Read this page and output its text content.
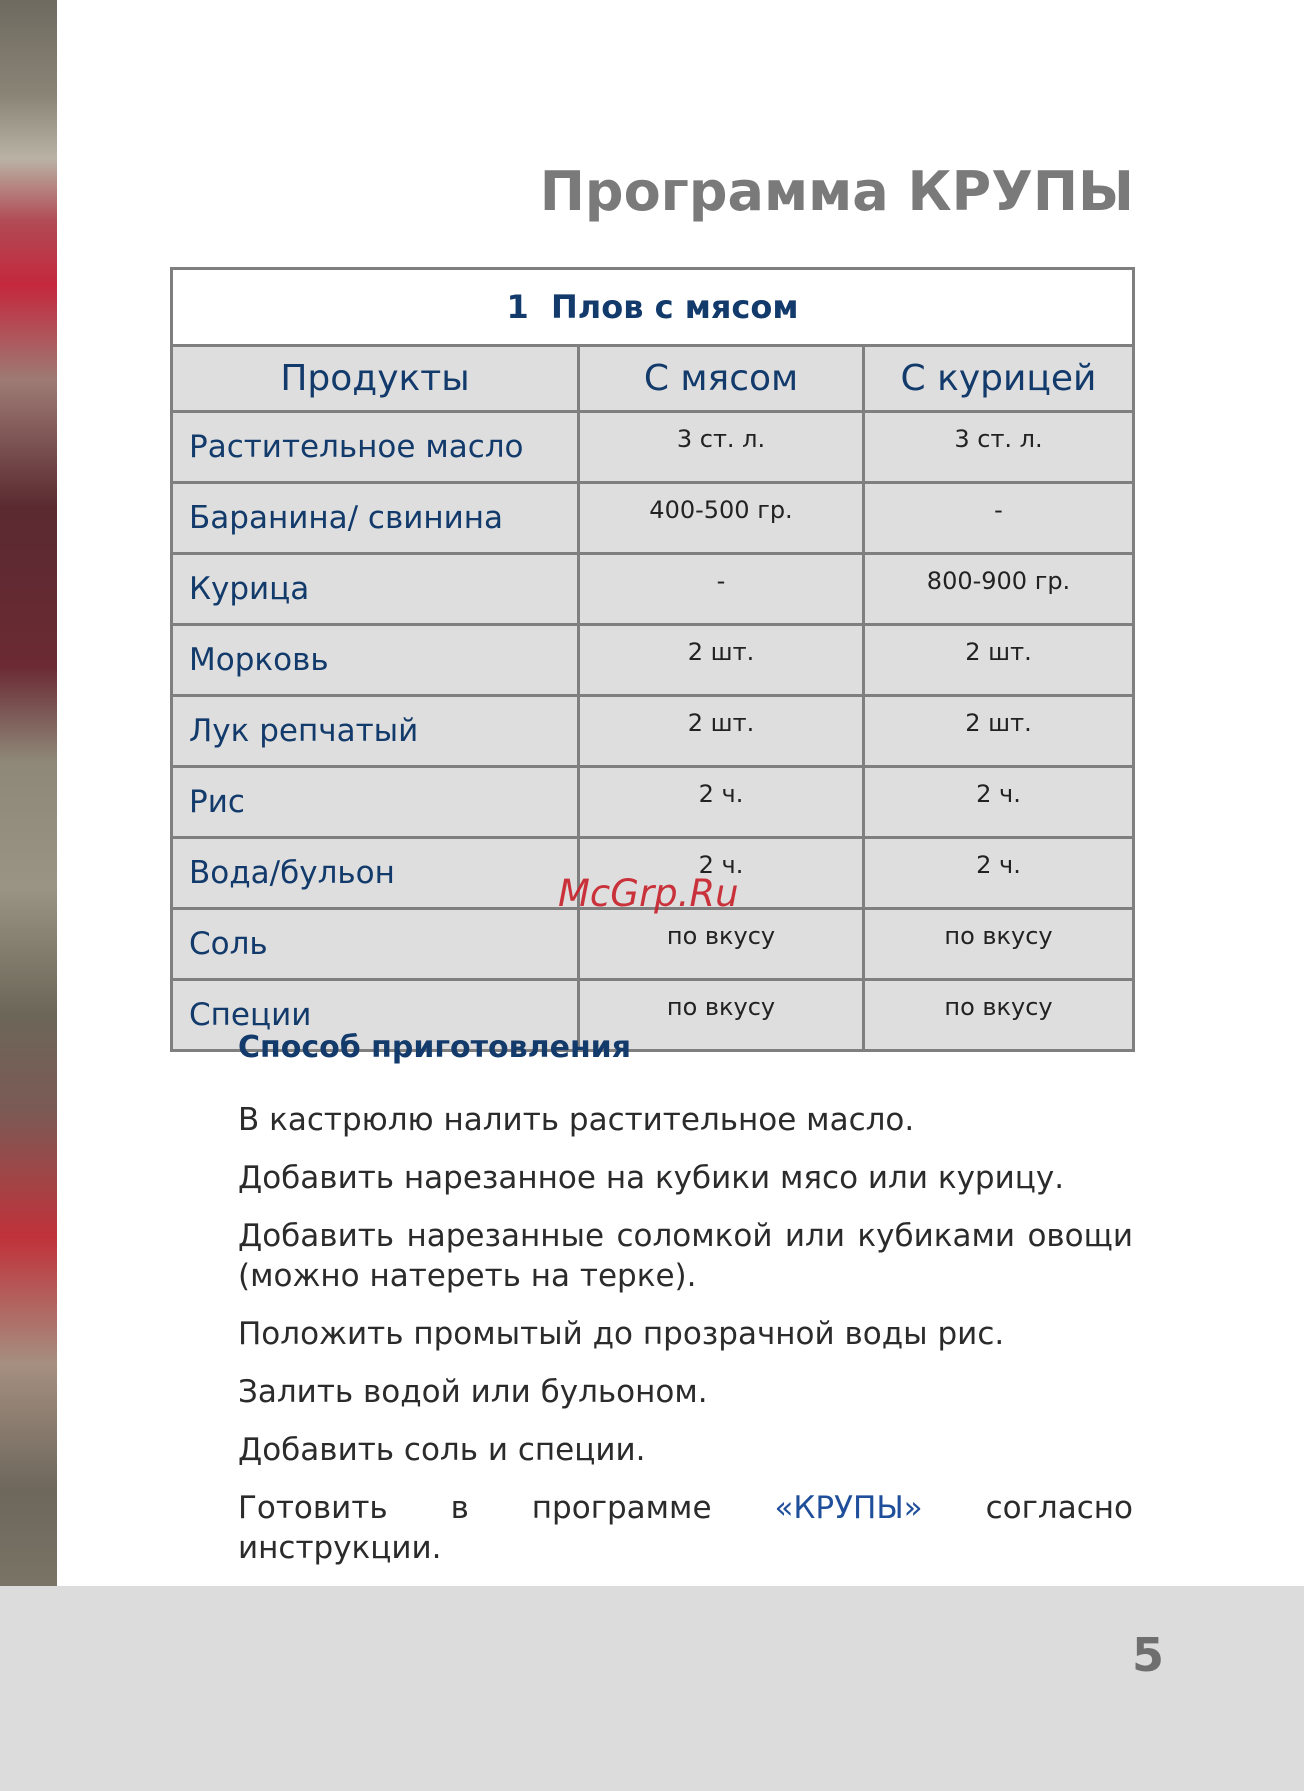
Программа КРУПЫ
1  Плов с мясом		
Продукты	С мясом	С курицей
Растительное масло	3 ст. л.	3 ст. л.
Баранина/ свинина	400-500 гр.	-
Курица	-	800-900 гр.
Морковь	2 шт.	2 шт.
Лук репчатый	2 шт.	2 шт.
Рис	2 ч.	2 ч.
Вода/бульон	2 ч.	2 ч.
Соль	по вкусу	по вкусу
Специи	по вкусу	по вкусу
McGrp.Ru
Способ приготовления

В кастрюлю налить растительное масло.

Добавить нарезанное на кубики мясо или курицу.

Добавить нарезанные соломкой или кубиками овощи (можно натереть на терке).

Положить промытый до прозрачной воды рис.

Залить водой или бульоном.

Добавить соль и специи.

Готовить в программе «КРУПЫ» согласно инструкции.

5
